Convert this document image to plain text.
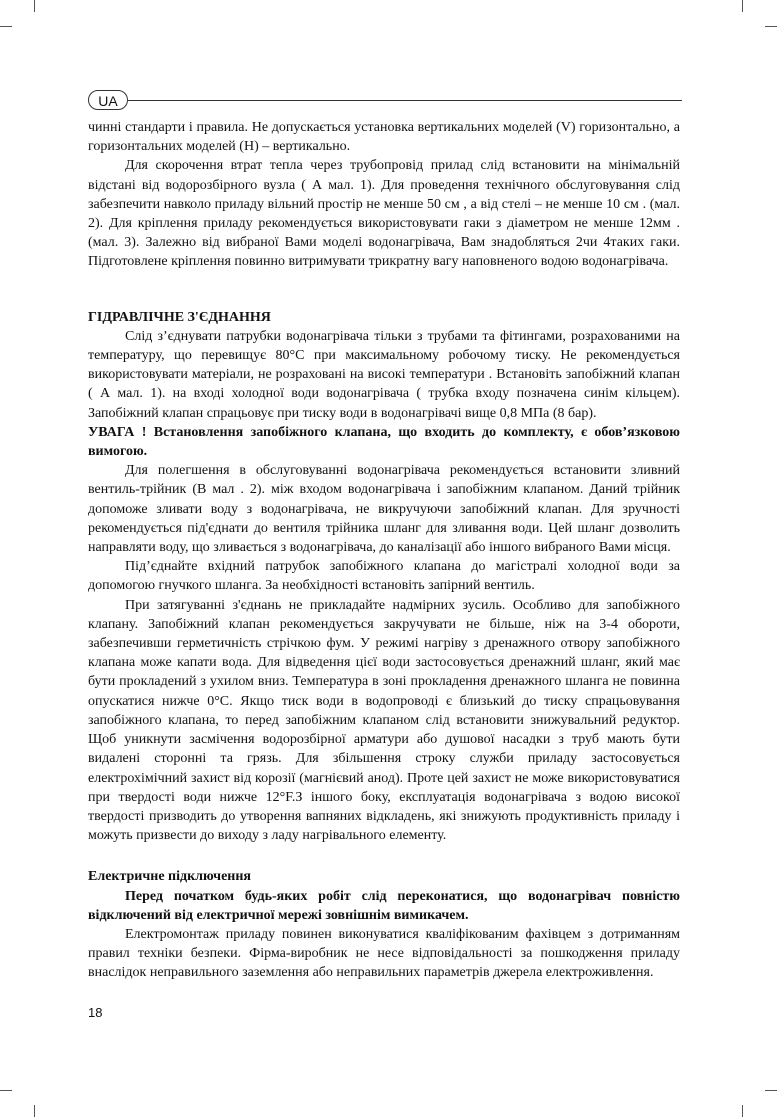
UA

чинні стандарти і правила. Не допускається установка вертикальних моделей (V) горизонтально, а горизонтальних моделей (H) – вертикально.

Для скорочення втрат тепла через трубопровід прилад слід встановити на мінімальній відстані від водорозбірного вузла ( А мал. 1). Для проведення технічного обслуговування слід забезпечити навколо приладу вільний простір не менше 50 см , а від стелі – не менше 10 см . (мал. 2). Для кріплення приладу рекомендується використовувати гаки з діаметром не менше 12мм . (мал. 3). Залежно від вибраної Вами моделі водонагрівача, Вам знадобляться 2чи 4таких гаки. Підготовлене кріплення повинно витримувати трикратну вагу наповненого водою водонагрівача.

ГІДРАВЛІЧНЕ З'ЄДНАННЯ

Слід з’єднувати патрубки водонагрівача тільки з трубами та фітингами, розрахованими на температуру, що перевищує 80°С при максимальному робочому тиску. Не рекомендується використовувати матеріали, не розраховані на високі температури . Встановіть запобіжний клапан ( А мал. 1). на вході холодної води водонагрівача ( трубка входу позначена синім кільцем). Запобіжний клапан спрацьовує при тиску води в водонагрівачі вище 0,8 МПа (8 бар).

УВАГА ! Встановлення запобіжного клапана, що входить до комплекту, є обов’язковою вимогою.

Для полегшення в обслуговуванні водонагрівача рекомендується встановити зливний вентиль-трійник (В мал . 2). між входом водонагрівача і запобіжним клапаном. Даний трійник допоможе зливати воду з водонагрівача, не викручуючи запобіжний клапан. Для зручності рекомендується під'єднати до вентиля трійника шланг для зливання води. Цей шланг дозволить направляти воду, що зливається з водонагрівача, до каналізації або іншого вибраного Вами місця.

Під’єднайте вхідний патрубок запобіжного клапана до магістралі холодної води за допомогою гнучкого шланга. За необхідності встановіть запірний вентиль.

При затягуванні з'єднань не прикладайте надмірних зусиль. Особливо для запобіжного клапану. Запобіжний клапан рекомендується закручувати не більше, ніж на 3-4 обороти, забезпечивши герметичність стрічкою фум. У режимі нагріву з дренажного отвору запобіжного клапана може капати вода. Для відведення цієї води застосовується дренажний шланг, який має бути прокладений з ухилом вниз. Температура в зоні прокладення дренажного шланга не повинна опускатися нижче 0°С. Якщо тиск води в водопроводі є близький до тиску спрацьовування запобіжного клапана, то перед запобіжним клапаном слід встановити знижувальний редуктор. Щоб уникнути засмічення водорозбірної арматури або душової насадки з труб мають бути видалені сторонні та грязь. Для збільшення строку служби приладу застосовується електрохімічний захист від корозії (магнієвий анод). Проте цей захист не може використовуватися при твердості води нижче 12°F.З іншого боку, експлуатація водонагрівача з водою високої твердості призводить до утворення вапняних відкладень, які знижують продуктивність приладу і можуть призвести до виходу з ладу нагрівального елементу.

Електричне підключення

Перед початком будь-яких робіт слід переконатися, що водонагрівач повністю відключений від електричної мережі зовнішнім вимикачем.

Електромонтаж приладу повинен виконуватися кваліфікованим фахівцем з дотриманням правил техніки безпеки. Фірма-виробник не несе відповідальності за пошкодження приладу внаслідок неправильного заземлення або неправильних параметрів джерела електроживлення.

18
